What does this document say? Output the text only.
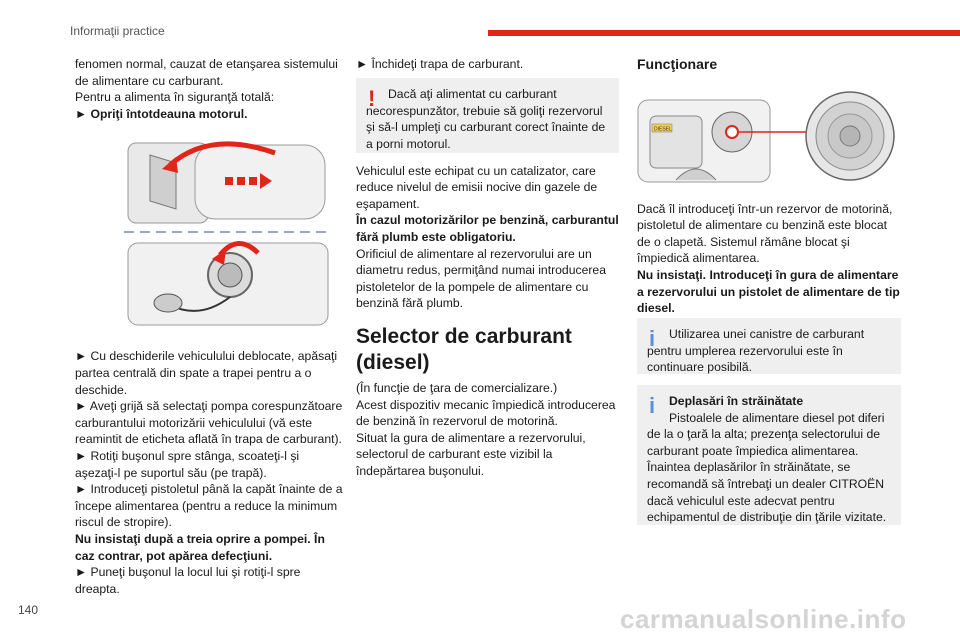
Informaţii practice

fenomen normal, cauzat de etanşarea sistemului de alimentare cu carburant.

Pentru a alimenta în siguranţă totală:

► Opriţi întotdeauna motorul.

► Cu deschiderile vehiculului deblocate, apăsaţi partea centrală din spate a trapei pentru a o deschide.

► Aveţi grijă să selectaţi pompa corespunzătoare carburantului motorizării vehiculului (vă este reamintit de eticheta aflată în trapa de carburant).

► Rotiţi buşonul spre stânga, scoateţi-l şi aşezaţi-l pe suportul său (pe trapă).

► Introduceţi pistoletul până la capăt înainte de a începe alimentarea (pentru a reduce la minimum riscul de stropire).

Nu insistaţi după a treia oprire a pompei. În caz contrar, pot apărea defecţiuni.

► Puneţi buşonul la locul lui şi rotiţi-l spre dreapta.

► Închideţi trapa de carburant.

Vehiculul este echipat cu un catalizator, care reduce nivelul de emisii nocive din gazele de eşapament.

În cazul motorizărilor pe benzină, carburantul fără plumb este obligatoriu.

Orificiul de alimentare al rezervorului are un diametru redus, permiţând numai introducerea pistoletelor de la pompele de alimentare cu benzină fără plumb.

Selector de carburant (diesel)

(În funcţie de ţara de comercializare.)

Acest dispozitiv mecanic împiedică introducerea de benzină în rezervorul de motorină.

Situat la gura de alimentare a rezervorului, selectorul de carburant este vizibil la îndepărtarea buşonului.

!	Dacă aţi alimentat cu carburant necorespunzător, trebuie să goliţi rezervorul şi să-l umpleţi cu carburant corect înainte de a porni motorul.

Funcţionare

Dacă îl introduceţi într-un rezervor de motorină, pistoletul de alimentare cu benzină este blocat de o clapetă. Sistemul rămâne blocat şi împiedică alimentarea.

Nu insistaţi. Introduceţi în gura de alimentare a rezervorului un pistolet de alimentare de tip diesel.

DIESEL
i	Utilizarea unei canistre de carburant pentru umplerea rezervorului este în continuare posibilă.
i	Deplasări în străinătate
Pistoalele de alimentare diesel pot diferi de la o ţară la alta; prezenţa selectorului de carburant poate împiedica alimentarea. Înaintea deplasărilor în străinătate, se recomandă să întrebaţi un dealer CITROËN dacă vehiculul este adecvat pentru echipamentul de distribuţie din ţările vizitate.
140	carmanualsonline.info
